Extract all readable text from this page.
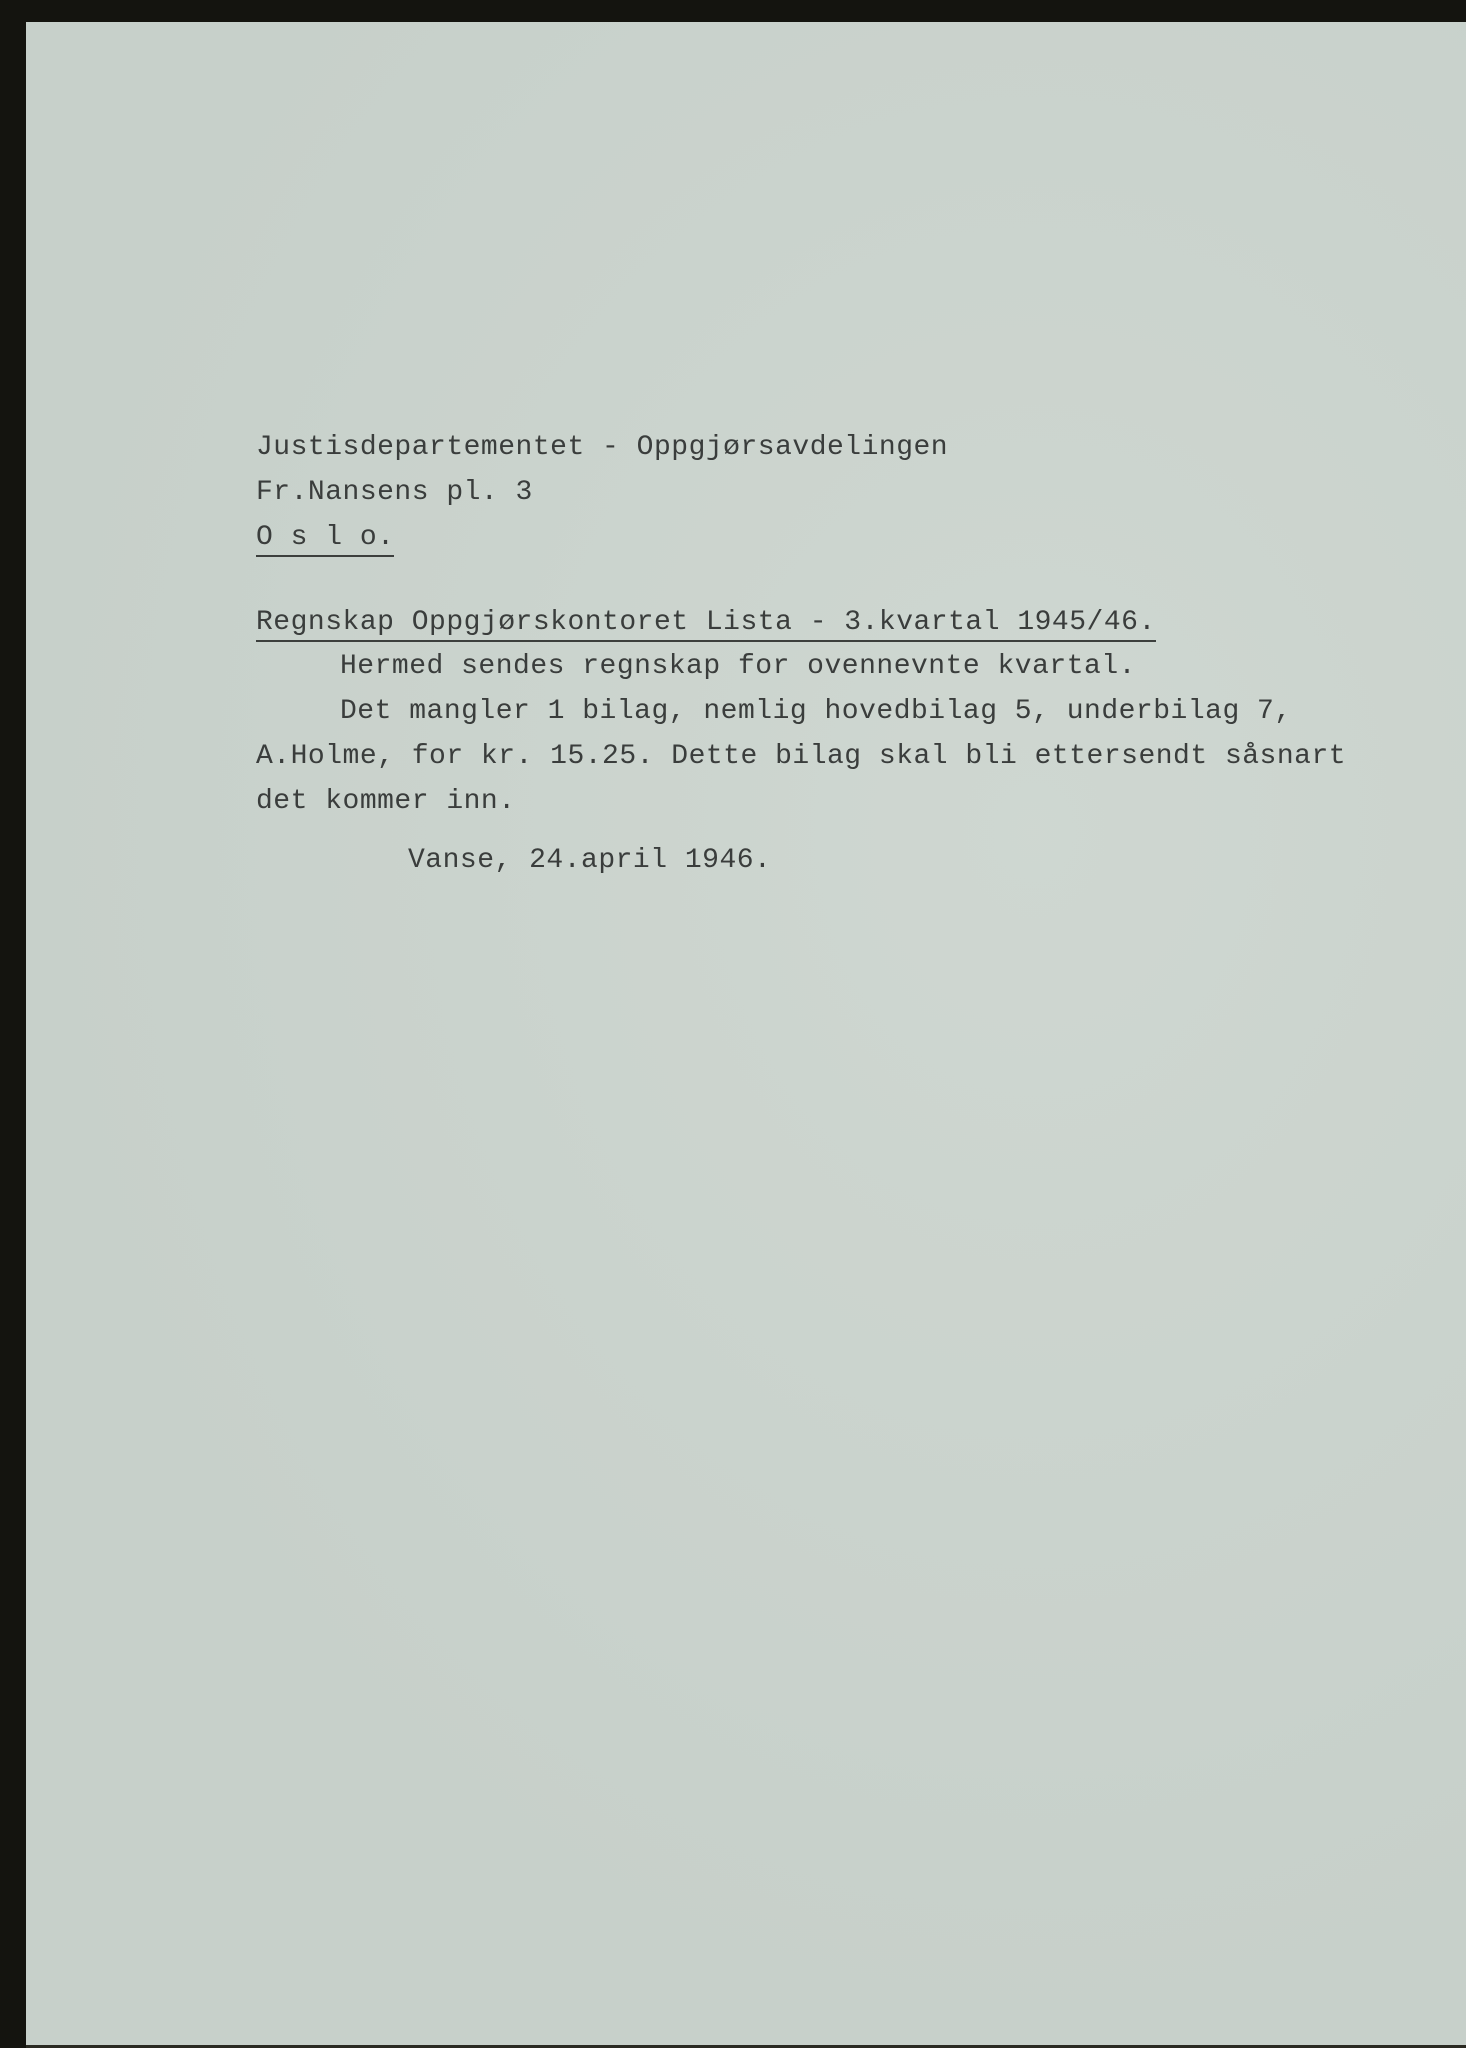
Justisdepartementet - Oppgjørsavdelingen
Fr.Nansens pl. 3
O s l o.
Regnskap Oppgjørskontoret Lista - 3.kvartal 1945/46.
Hermed sendes regnskap for ovennevnte kvartal.
Det mangler 1 bilag, nemlig hovedbilag 5, underbilag 7,
A.Holme, for kr. 15.25. Dette bilag skal bli ettersendt såsnart
det kommer inn.
Vanse, 24.april 1946.
